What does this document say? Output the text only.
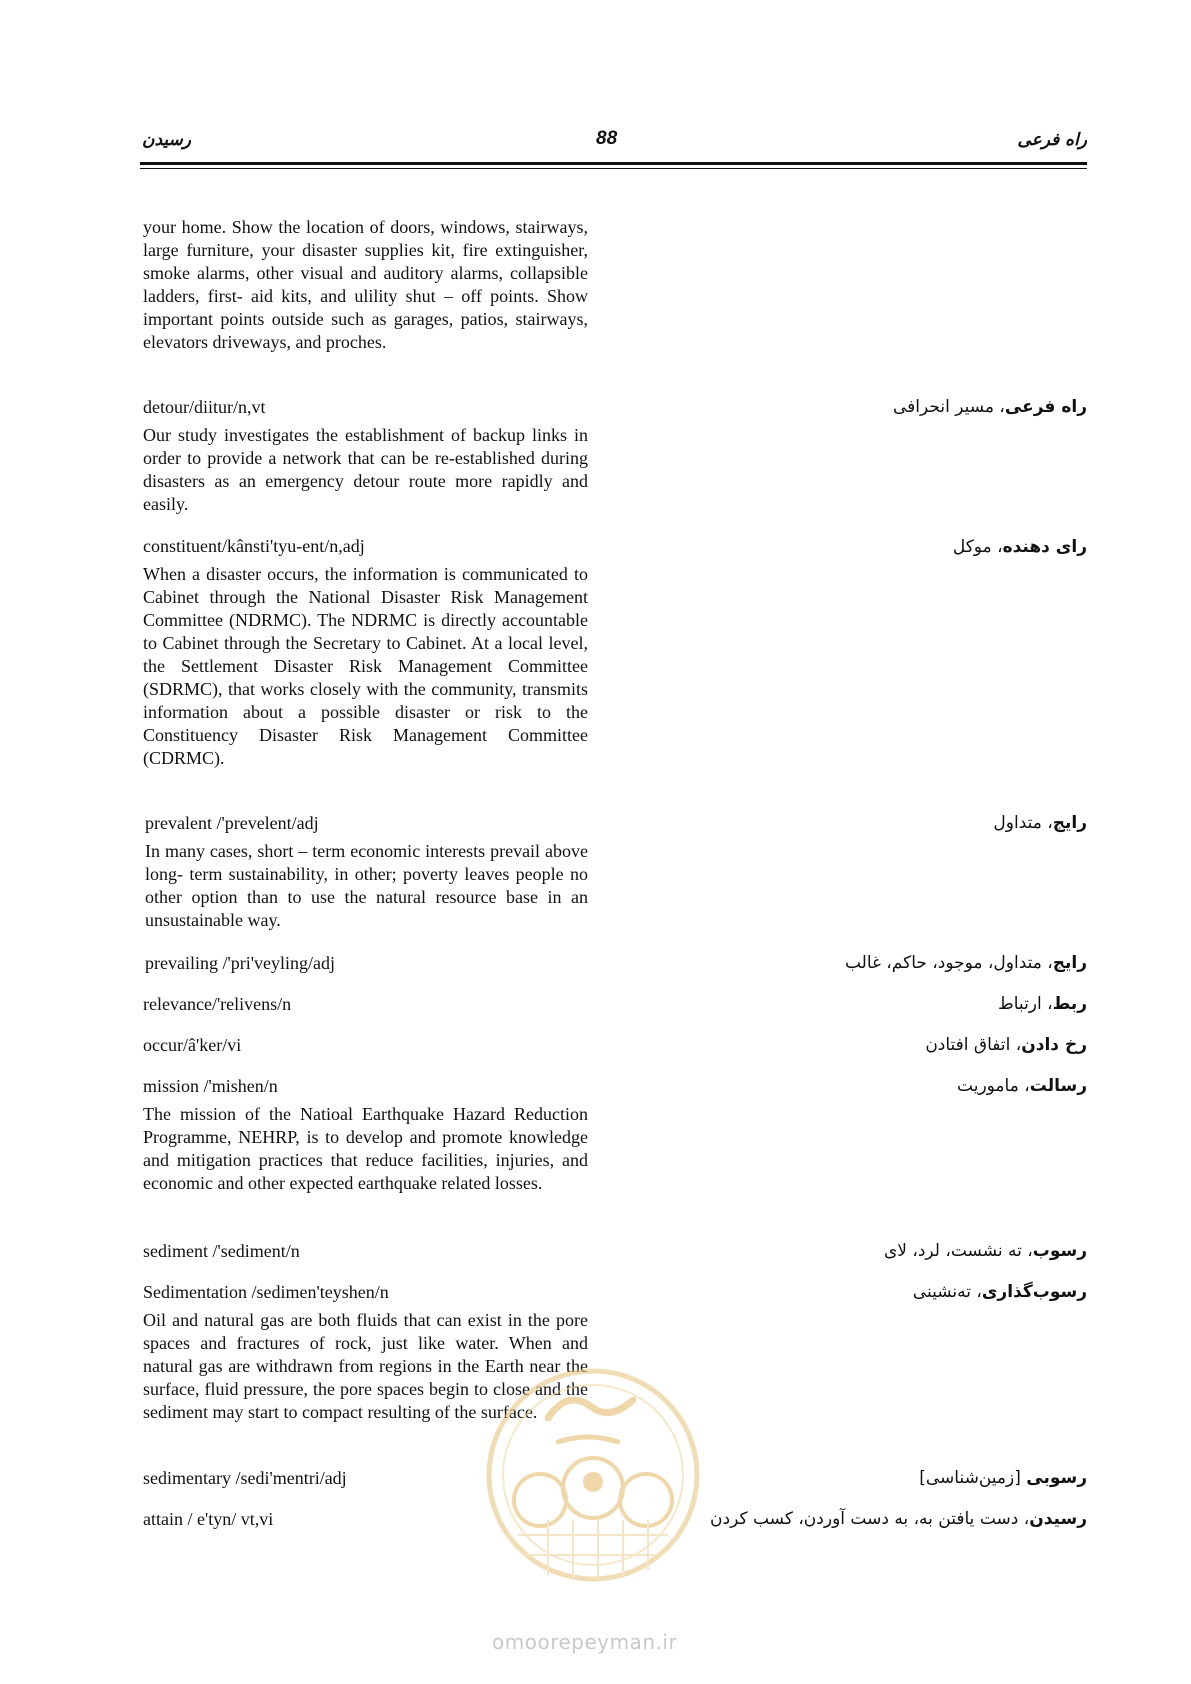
رسیدن	88	راه فرعی
your home. Show the location of doors, windows, stairways, large furniture, your disaster supplies kit, fire extinguisher, smoke alarms, other visual and auditory alarms, collapsible ladders, first- aid kits, and ulility shut – off points. Show important points outside such as garages, patios, stairways, elevators driveways, and proches.
detour/diitur/n,vt	راه فرعی، مسیر انحرافی
Our study investigates the establishment of backup links in order to provide a network that can be re-established during disasters as an emergency detour route more rapidly and easily.
constituent/kânsti'tyu-ent/n,adj	رای دهنده، موکل
When a disaster occurs, the information is communicated to Cabinet through the National Disaster Risk Management Committee (NDRMC). The NDRMC is directly accountable to Cabinet through the Secretary to Cabinet. At a local level, the Settlement Disaster Risk Management Committee (SDRMC), that works closely with the community, transmits information about a possible disaster or risk to the Constituency Disaster Risk Management Committee (CDRMC).
prevalent /'prevelent/adj	رایج، متداول
In many cases, short – term economic interests prevail above long- term sustainability, in other; poverty leaves people no other option than to use the natural resource base in an unsustainable way.
prevailing /'pri'veyling/adj	رایج، متداول، موجود، حاکم، غالب
relevance/'relivens/n	ربط، ارتباط
occur/â'ker/vi	رخ دادن، اتفاق افتادن
mission /'mishen/n	رسالت، ماموریت
The mission of the Natioal Earthquake Hazard Reduction Programme, NEHRP, is to develop and promote knowledge and mitigation practices that reduce facilities, injuries, and economic and other expected earthquake related losses.
sediment /'sediment/n	رسوب، ته نشست، لرد، لای
Sedimentation /sedimen'teyshen/n	رسوب‌گذاری، ته‌نشینی
Oil and natural gas are both fluids that can exist in the pore spaces and fractures of rock, just like water. When and natural gas are withdrawn from regions in the Earth near the surface, fluid pressure, the pore spaces begin to close and the sediment may start to compact resulting of the surface.
sedimentary /sedi'mentri/adj	رسوبی [زمین‌شناسی]
attain / e'tyn/ vt,vi	رسیدن، دست یافتن به، به دست آوردن، کسب کردن
omoorepeyman.ir
